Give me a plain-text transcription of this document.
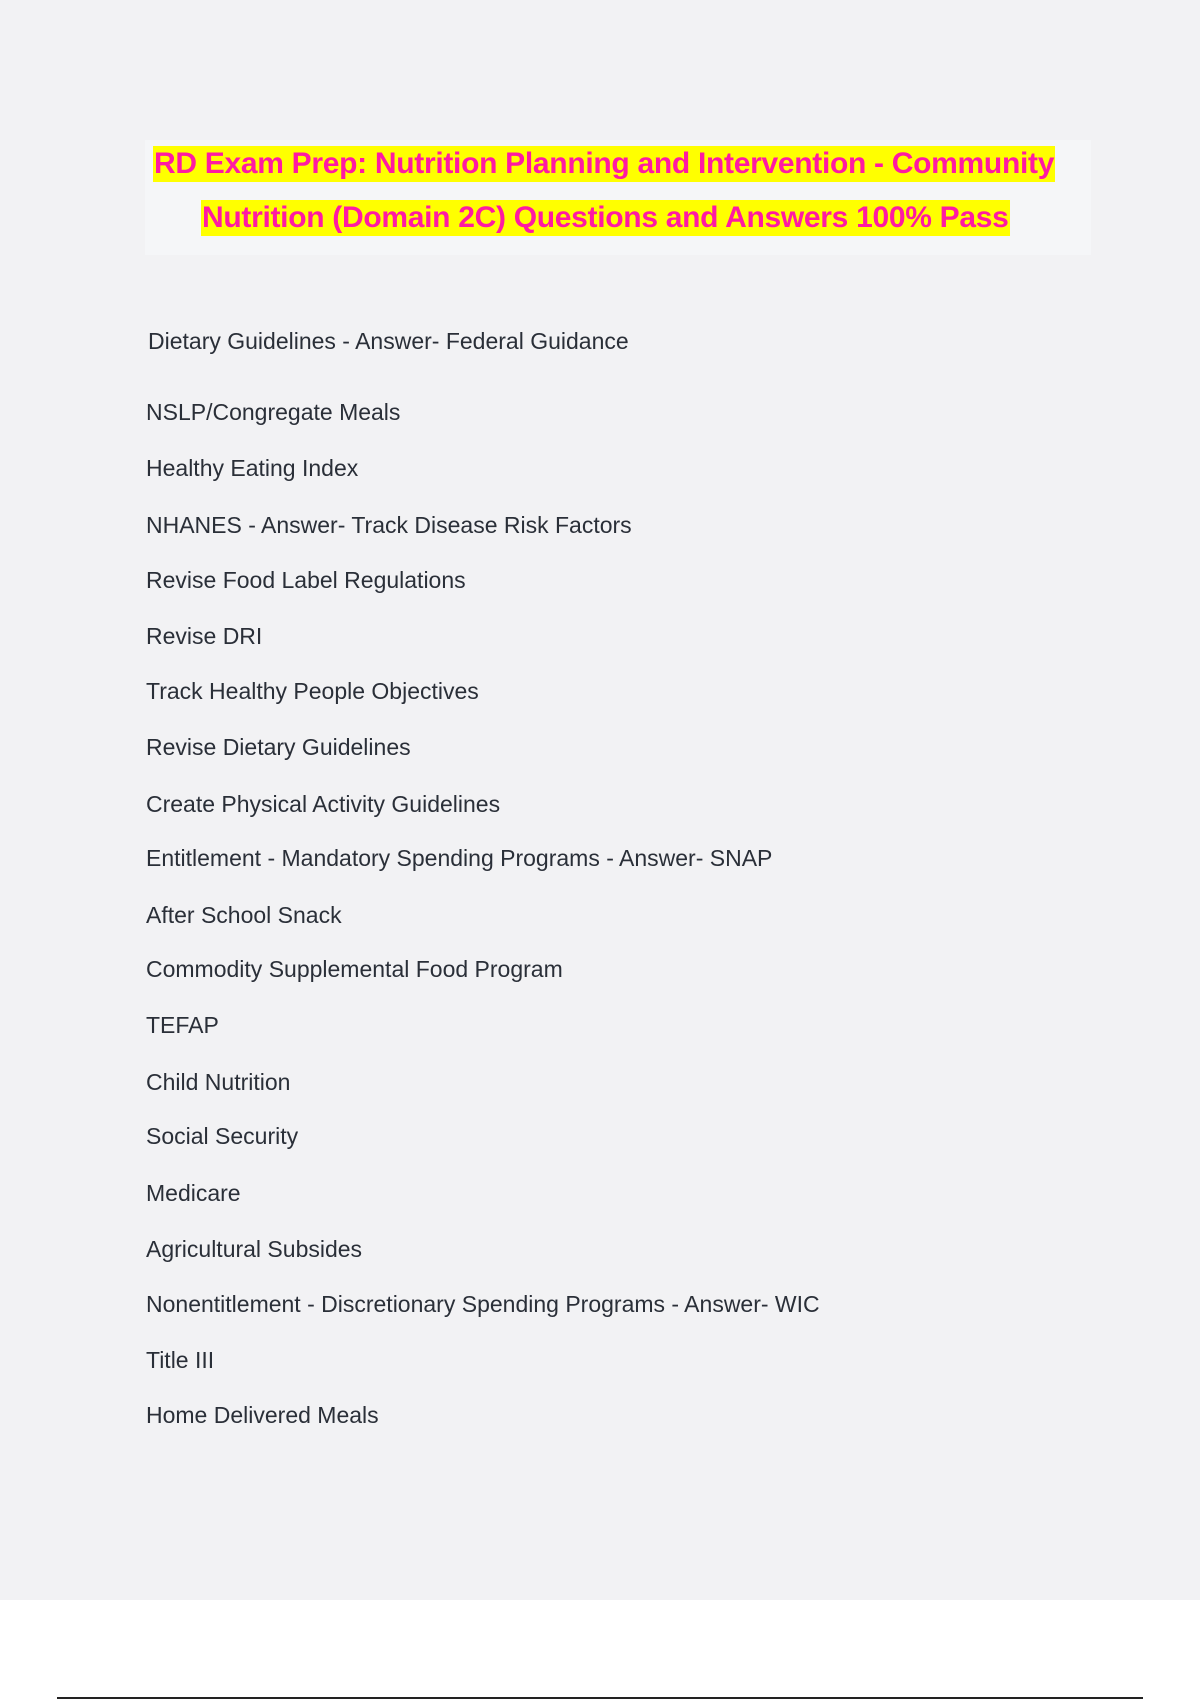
RD Exam Prep: Nutrition Planning and Intervention - Community
Nutrition (Domain 2C) Questions and Answers 100% Pass
Dietary Guidelines - Answer- Federal Guidance
NSLP/Congregate Meals
Healthy Eating Index
NHANES - Answer- Track Disease Risk Factors
Revise Food Label Regulations
Revise DRI
Track Healthy People Objectives
Revise Dietary Guidelines
Create Physical Activity Guidelines
Entitlement - Mandatory Spending Programs - Answer- SNAP
After School Snack
Commodity Supplemental Food Program
TEFAP
Child Nutrition
Social Security
Medicare
Agricultural Subsides
Nonentitlement - Discretionary Spending Programs - Answer- WIC
Title III
Home Delivered Meals
